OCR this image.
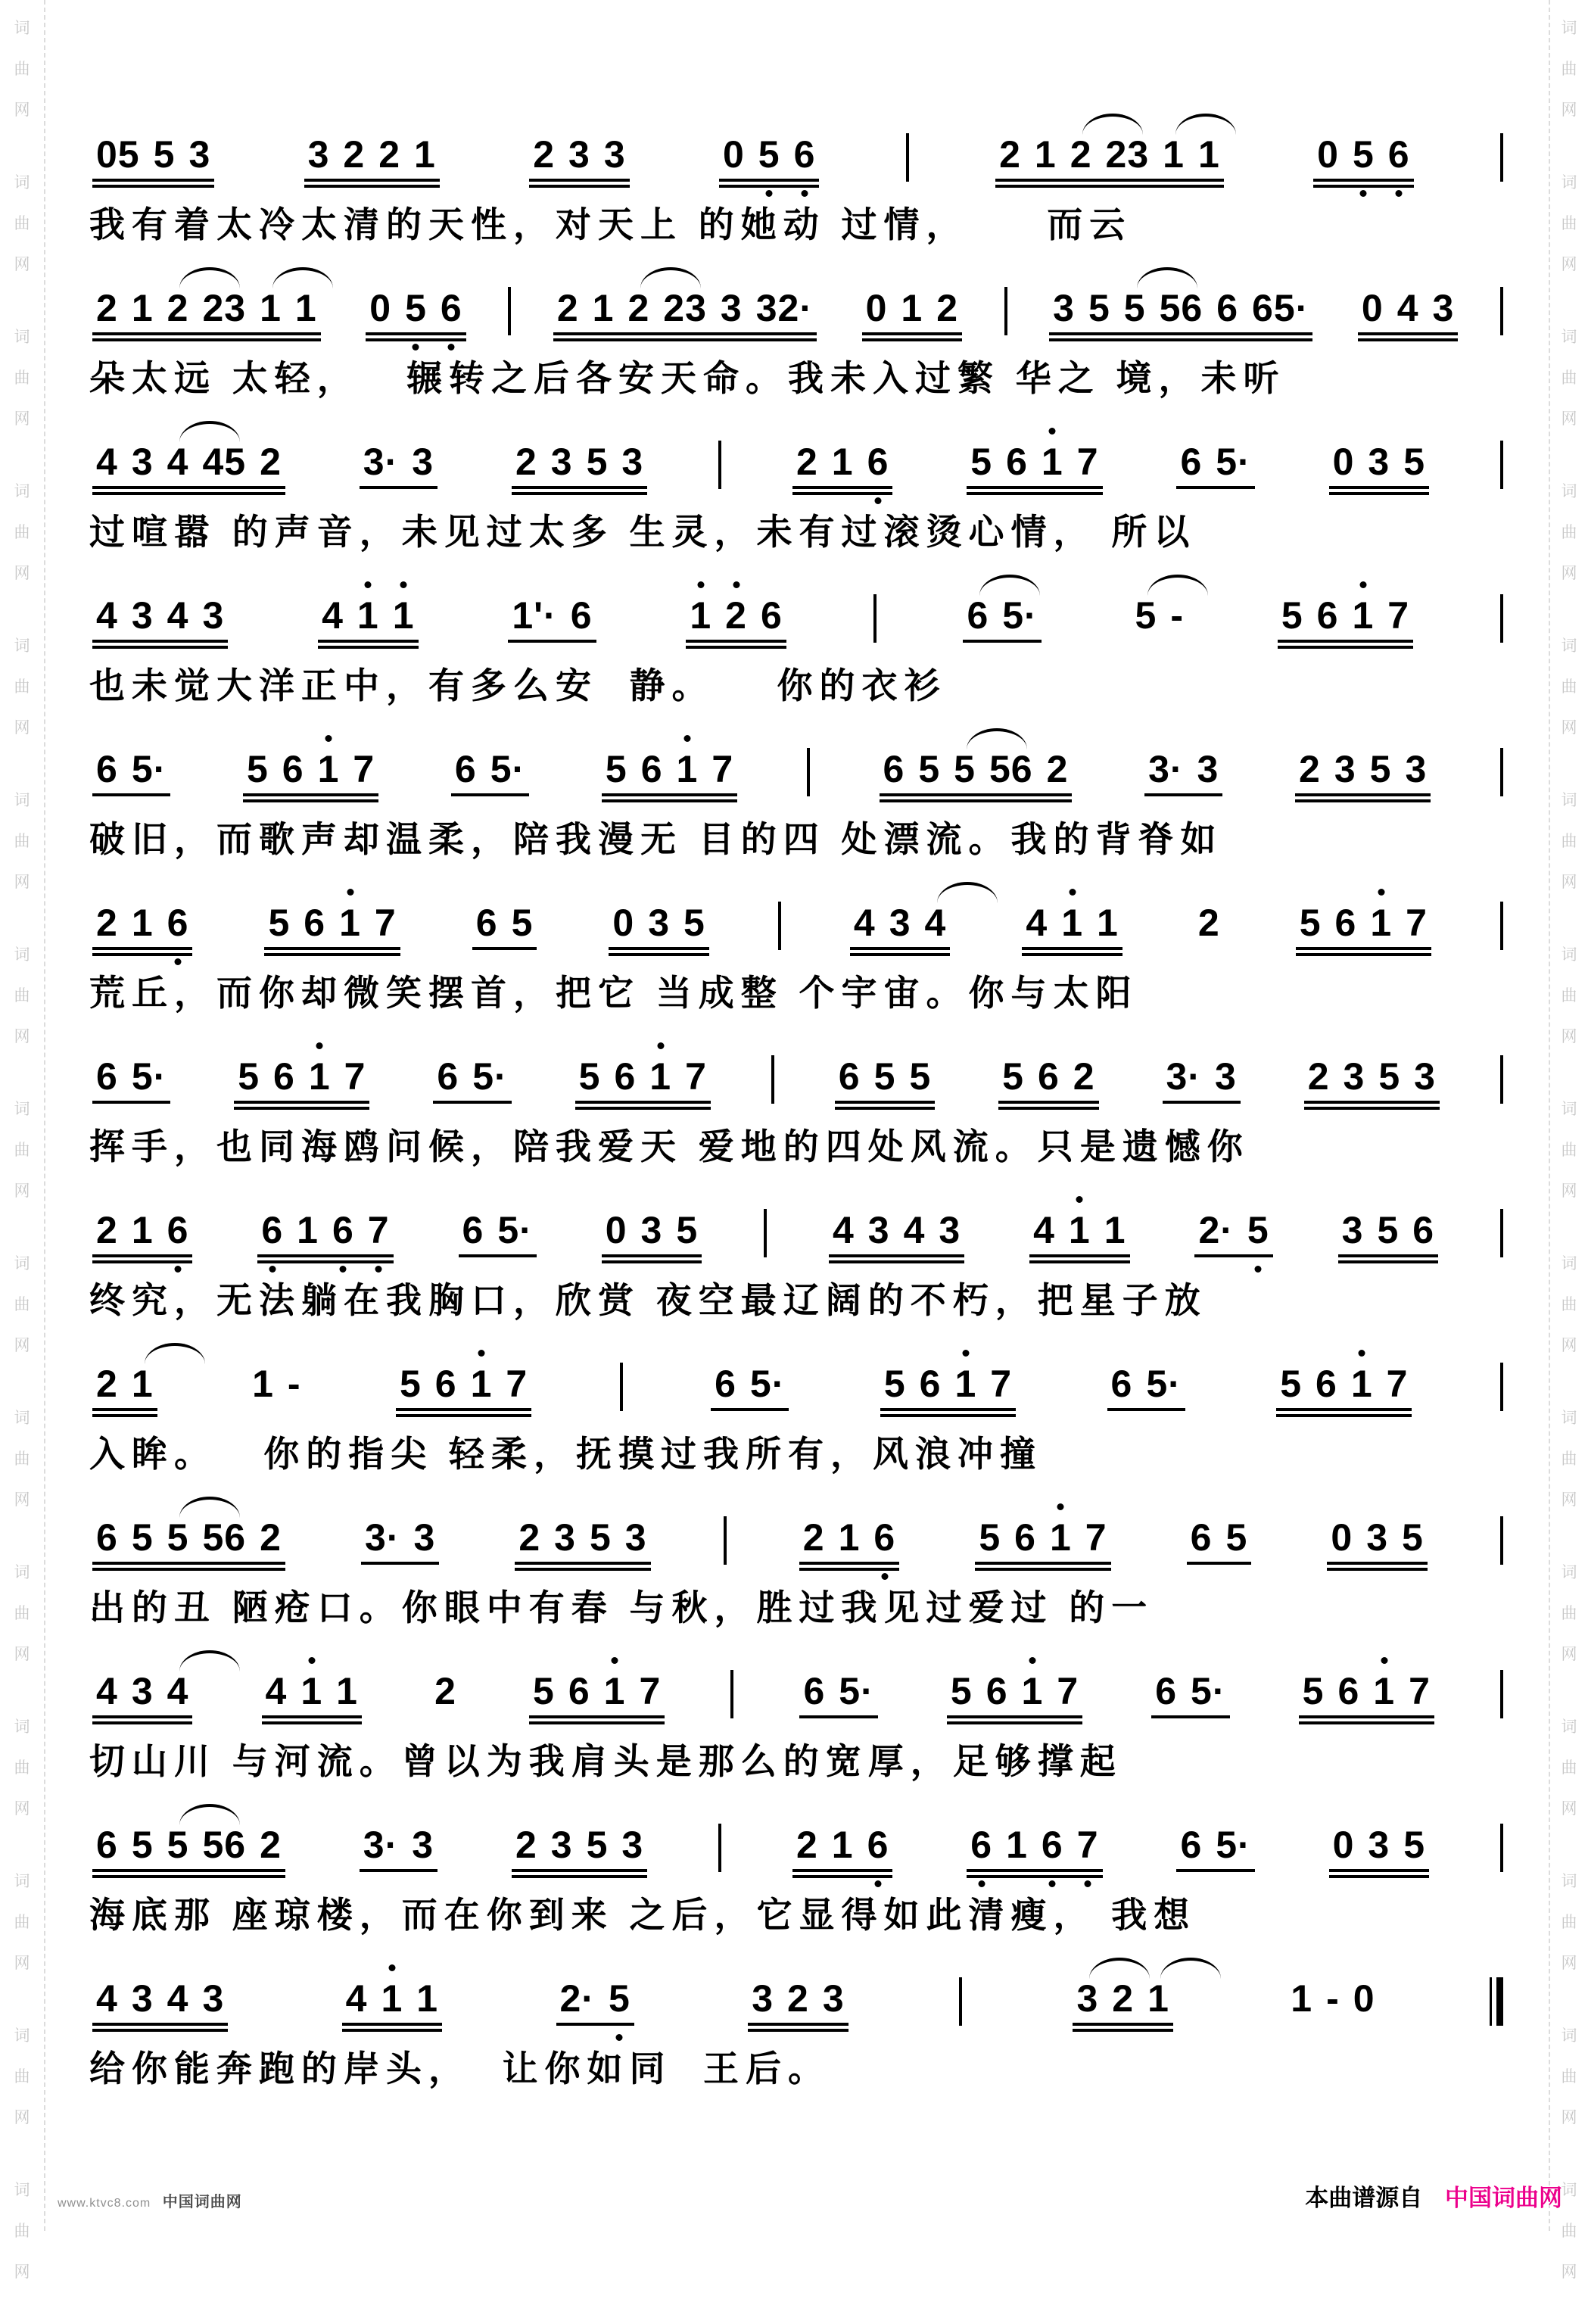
词
曲
网
词
曲
网
词
曲
网
词
曲
网
词
曲
网
词
曲
网
词
曲
网
词
曲
网
词
曲
网
词
曲
网
词
曲
网
词
曲
网
词
曲
网
词
曲
网
词
曲
网
词
曲
网
词
曲
网
词
曲
网
词
曲
网
词
曲
网
词
曲
网
词
曲
网
词
曲
网
词
曲
网
词
曲
网
词
曲
网
词
曲
网
词
曲
网
词
曲
网
词
曲
网
05 5 3	3 2 2 1	2 3 3	0 5 6	2 1 2 23 1 1	0 5 6
我有着太冷太清的天性，对天上 的她动 过情，     而云
2 1 2 23 1 1 0 5 6	2 1 2 23 3 32· 0 1 2	3 5 5 56 6 65· 0 4 3
朵太远 太轻，   辗转之后各安天命。我未入过繁 华之 境，未听
4 3 4 45 2 3· 3 2 3 5 3	2 1 6 5 6 1 7 6 5· 0 3 5
过喧嚣 的声音，未见过太多 生灵，未有过滚烫心情， 所以
4 3 4 3	4 1 1	1'· 6	1 2 6	6 5·	5 -	5 6 1 7
也未觉大洋正中，有多么安  静。    你的衣衫
6 5· 5 6 1 7 6 5· 5 6 1 7	6 5 5 56 2 3· 3 2 3 5 3
破旧，而歌声却温柔，陪我漫无 目的四 处漂流。我的背脊如
2 1 6 5 6 1 7 6 5 0 3 5	4 3 4 4 1 1 2 5 6 1 7
荒丘，而你却微笑摆首，把它 当成整 个宇宙。你与太阳
6 5· 5 6 1 7 6 5· 5 6 1 7	6 5 5 5 6 2 3· 3 2 3 5 3
挥手，也同海鸥问候，陪我爱天 爱地的四处风流。只是遗憾你
2 1 6 6 1 6 7 6 5· 0 3 5	4 3 4 3 4 1 1 2· 5 3 5 6
终究，无法躺在我胸口，欣赏 夜空最辽阔的不朽，把星子放
2 1	1 -	5 6 1 7	6 5·	5 6 1 7	6 5·	5 6 1 7
入眸。   你的指尖 轻柔，抚摸过我所有，风浪冲撞
6 5 5 56 2 3· 3 2 3 5 3	2 1 6 5 6 1 7 6 5 0 3 5
出的丑 陋疮口。你眼中有春 与秋，胜过我见过爱过 的一
4 3 4 4 1 1 2 5 6 1 7	6 5· 5 6 1 7 6 5· 5 6 1 7
切山川 与河流。曾以为我肩头是那么的宽厚，足够撑起
6 5 5 56 2 3· 3 2 3 5 3	2 1 6 6 1 6 7 6 5· 0 3 5
海底那 座琼楼，而在你到来 之后，它显得如此清瘦， 我想
4 3 4 3	4 1 1	2· 5	3 2 3	3 2 1	1 - 0
给你能奔跑的岸头，  让你如同  王后。
www.ktvc8.com 中国词曲网	本曲谱源自 中国词曲网
